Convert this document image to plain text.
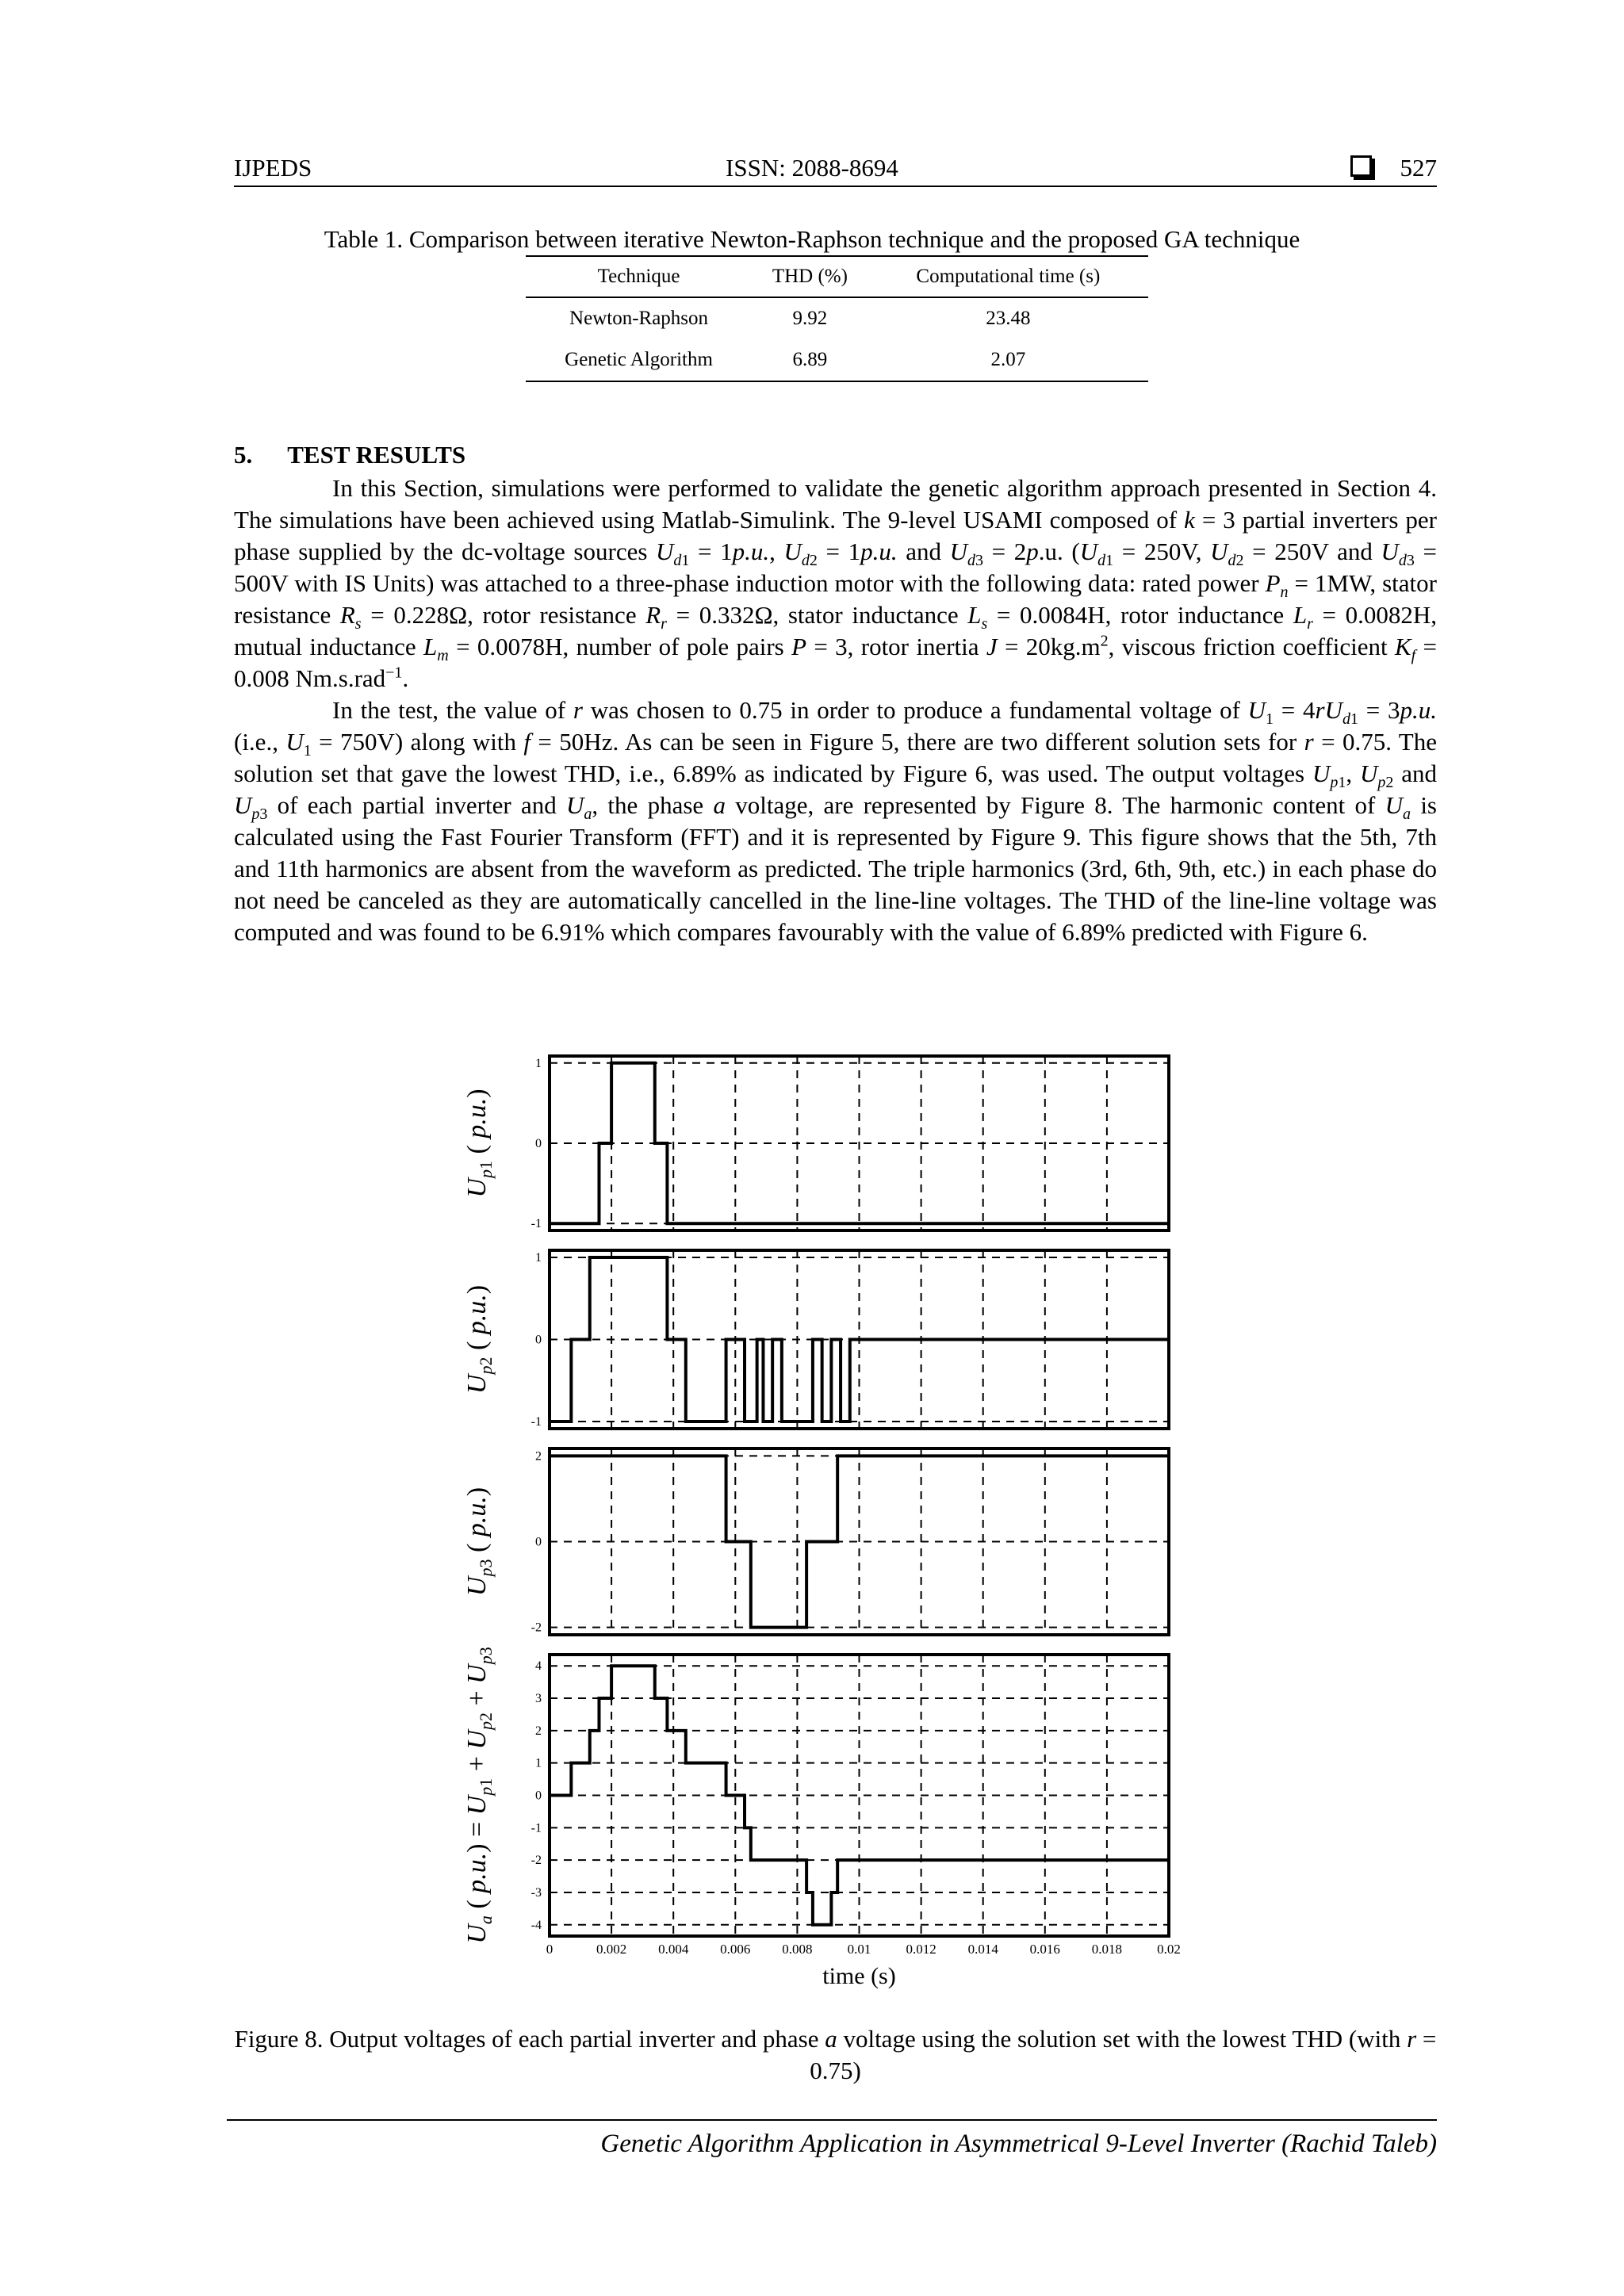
IJPEDS	ISSN: 2088-8694	527
Table 1. Comparison between iterative Newton-Raphson technique and the proposed GA technique
Technique	THD (%)	Computational time (s)
Newton-Raphson	9.92	23.48
Genetic Algorithm	6.89	2.07
5. TEST RESULTS

In this Section, simulations were performed to validate the genetic algorithm approach presented in Section 4. The simulations have been achieved using Matlab-Simulink. The 9-level USAMI composed of k = 3 partial inverters per phase supplied by the dc-voltage sources $U_{d1} = 1p.u$., $U_{d2} = 1p.u$. and $U_{d3} = 2p.u$. ($U_{d1} = 250V$, $U_{d2} = 250V$ and $U_{d3} = 500V$ with IS Units) was attached to a three-phase induction motor with the following data: rated power $P_n = 1MW$, stator resistance $R_s = 0.228\Omega$, rotor resistance $R_r = 0.332\Omega$, stator inductance $L_s = 0.0084H$, rotor inductance $L_r = 0.0082H$, mutual inductance $L_m = 0.0078H$, number of pole pairs P = 3, rotor inertia $J = 20kg.m^2$, viscous friction coefficient $K_f = 0.008$ Nm.s.rad$^{-1}$.

In the test, the value of r was chosen to 0.75 in order to produce a fundamental voltage of $U_1 = 4rU_{d1} = 3p.u$. (i.e., $U_1 = 750V$) along with f = 50Hz. As can be seen in Figure 5, there are two different solution sets for r = 0.75. The solution set that gave the lowest THD, i.e., 6.89% as indicated by Figure 6, was used. The output voltages $U_{p1}$, $U_{p2}$ and $U_{p3}$ of each partial inverter and $U_a$, the phase a voltage, are represented by Figure 8. The harmonic content of $U_a$ is calculated using the Fast Fourier Transform (FFT) and it is represented by Figure 9. This figure shows that the 5th, 7th and 11th harmonics are absent from the waveform as predicted. The triple harmonics (3rd, 6th, 9th, etc.) in each phase do not need be canceled as they are automatically cancelled in the line-line voltages. The THD of the line-line voltage was computed and was found to be 6.91% which compares favourably with the value of 6.89% predicted with Figure 6.

-1
0
1
$U_p1$ ( p.u.)
-1
0
1
$U_p2$ ( p.u.)
-2
0
2
$U_p3$ ( p.u.)
-4
-3
-2
-1
0
1
2
3
4
$U_a$ ( $p.u.) = U_p1 + U_p2 + U_p3$
0	0.002 0.004 0.006 0.008	0.01	0.012 0.014 0.016 0.018	0.02
time (s)
Figure 8. Output voltages of each partial inverter and phase a voltage using the solution set with the lowest THD (with r = 0.75)
Genetic Algorithm Application in Asymmetrical 9-Level Inverter (Rachid Taleb)
